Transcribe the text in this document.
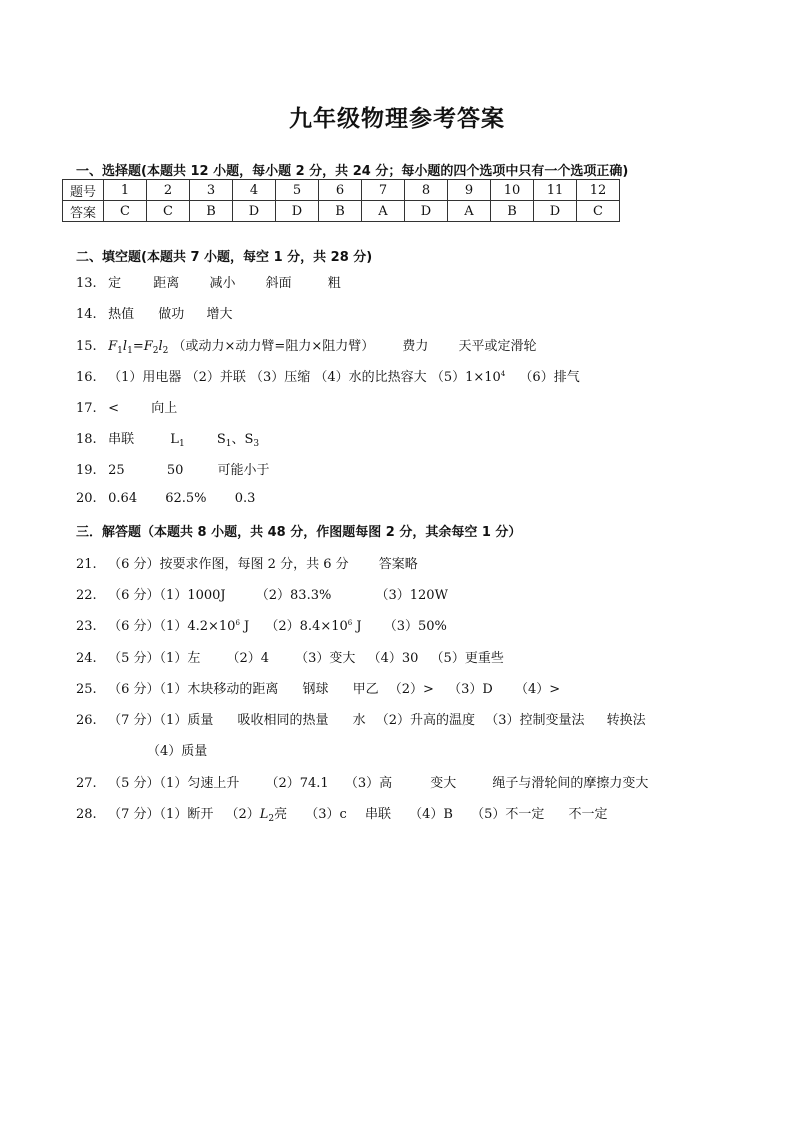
九年级物理参考答案
一、选择题(本题共 12 小题，每小题 2 分，共 24 分；每小题的四个选项中只有一个选项正确)
题号	1	2	3	4	5	6	7	8	9	10	11	12
答案	C	C	B	D	D	B	A	D	A	B	D	C
二、填空题(本题共 7 小题，每空 1 分，共 28 分)
13. 定 距离 减小 斜面	粗
14. 热值 做功 增大
15. $F_1l_1=F_2l_2$ （或动力×动力臂=阻力×阻力臂） 费力 天平或定滑轮
16. （1）用电器 （2）并联 （3）压缩 （4）水的比热容大 $(5)1\times 10^4$ （6）排气
17. < 向上
18. 串联	$L_1$ $S_1$、$S_3$
19. 25	50	可能小于
20. 0.64 62.5% 0.3
三．解答题（本题共 8 小题，共 48 分，作图题每图 2 分，其余每空 1 分）
21. （6 分）按要求作图，每图 2 分，共 6 分 答案略
22. （6 分）（1）1000J （2）83.3%	（3）120W
23. （6 分）$(1)4.2\times 10^6$ J $(2)8.4\times 10^6$ J （3）50%
24. （5 分）（1）左 （2）4 （3）变大 （4）30 （5）更重些
25. （6 分）（1）木块移动的距离 钢球 甲乙 （2）> （3）D （4）>
26. （7 分）（1）质量 吸收相同的热量 水 （2）升高的温度 （3）控制变量法 转换法
（4）质量
27. （5 分）（1）匀速上升 （2）74.1 （3）高	变大	绳子与滑轮间的摩擦力变大
28. （7 分）（1）断开 $(2)L_2$亮 （3）c 串联 （4）B （5）不一定 不一定
